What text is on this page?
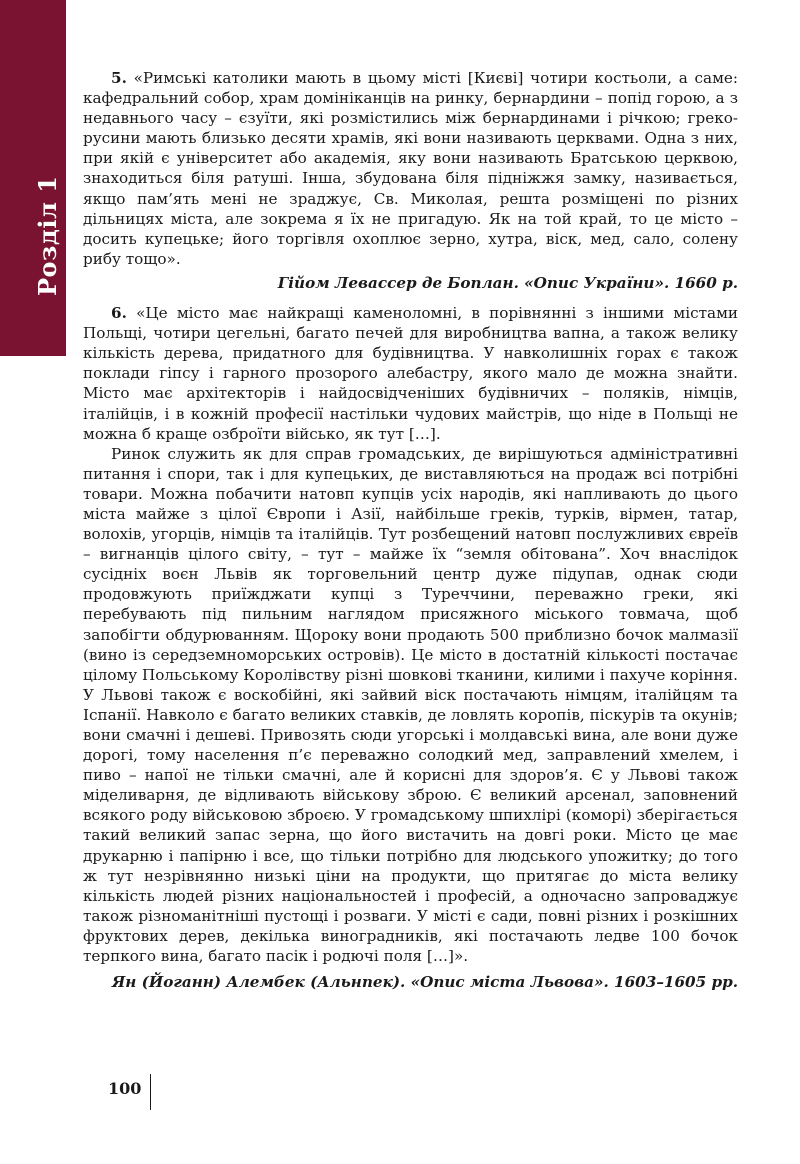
Розділ 1

5. «Римські католики мають в цьому місті [Києві] чотири костьоли, а саме: кафедральний собор, храм домініканців на ринку, бернардини – попід горою, а з недавнього часу – єзуїти, які розмістились між бернардинами і річкою; греко-русини мають близько десяти храмів, які вони називають церквами. Одна з них, при якій є університет або академія, яку вони називають Братською церквою, знаходиться біля ратуші. Інша, збудована біля підніжжя замку, називається, якщо пам’ять мені не зраджує, Св. Миколая, решта розміщені по різних дільницях міста, але зокрема я їх не пригадую. Як на той край, то це місто – досить купецьке; його торгівля охоплює зерно, хутра, віск, мед, сало, солену рибу тощо».

Гійом Левассер де Боплан. «Опис України». 1660 р.

6. «Це місто має найкращі каменоломні, в порівнянні з іншими містами Польщі, чотири цегельні, багато печей для виробництва вапна, а також велику кількість дерева, придатного для будівництва. У навколишніх горах є також поклади гіпсу і гарного прозорого алебастру, якого мало де можна знайти. Місто має архітекторів і найдосвідченіших будівничих – поляків, німців, італійців, і в кожній професії настільки чудових майстрів, що ніде в Польщі не можна б краще озброїти військо, як тут […].

Ринок служить як для справ громадських, де вирішуються адміністративні питання і спори, так і для купецьких, де виставляються на продаж всі потрібні товари. Можна побачити натовп купців усіх народів, які напливають до цього міста майже з цілої Європи і Азії, найбільше греків, турків, вірмен, татар, волохів, угорців, німців та італійців. Тут розбещений натовп послужливих євреїв – вигнанців цілого світу, – тут – майже їх “земля обітована”. Хоч внаслідок сусідніх воєн Львів як торговельний центр дуже підупав, однак сюди продовжують приїжджати купці з Туреччини, переважно греки, які перебувають під пильним наглядом присяжного міського товмача, щоб запобігти обдурюванням. Щороку вони продають 500 приблизно бочок малмазії (вино із середземноморських островів). Це місто в достатній кількості постачає цілому Польському Королівству різні шовкові тканини, килими і пахуче коріння. У Львові також є воскобійні, які зайвий віск постачають німцям, італійцям та Іспанії. Навколо є багато великих ставків, де ловлять коропів, піскурів та окунів; вони смачні і дешеві. Привозять сюди угорські і молдавські вина, але вони дуже дорогі, тому населення п’є переважно солодкий мед, заправлений хмелем, і пиво – напої не тільки смачні, але й корисні для здоров’я. Є у Львові також міделиварня, де відливають військову зброю. Є великий арсенал, заповнений всякого роду військовою зброєю. У громадському шпихлірі (коморі) зберігається такий великий запас зерна, що його вистачить на довгі роки. Місто це має друкарню і папірню і все, що тільки потрібно для людського упожитку; до того ж тут незрівнянно низькі ціни на продукти, що притягає до міста велику кількість людей різних національностей і професій, а одночасно запроваджує також різноманітніші пустощі і розваги. У місті є сади, повні різних і розкішних фруктових дерев, декілька виноградників, які постачають ледве 100 бочок терпкого вина, багато пасік і родючі поля […]».

Ян (Йоганн) Алембек (Альнпек). «Опис міста Львова». 1603–1605 рр.
100
